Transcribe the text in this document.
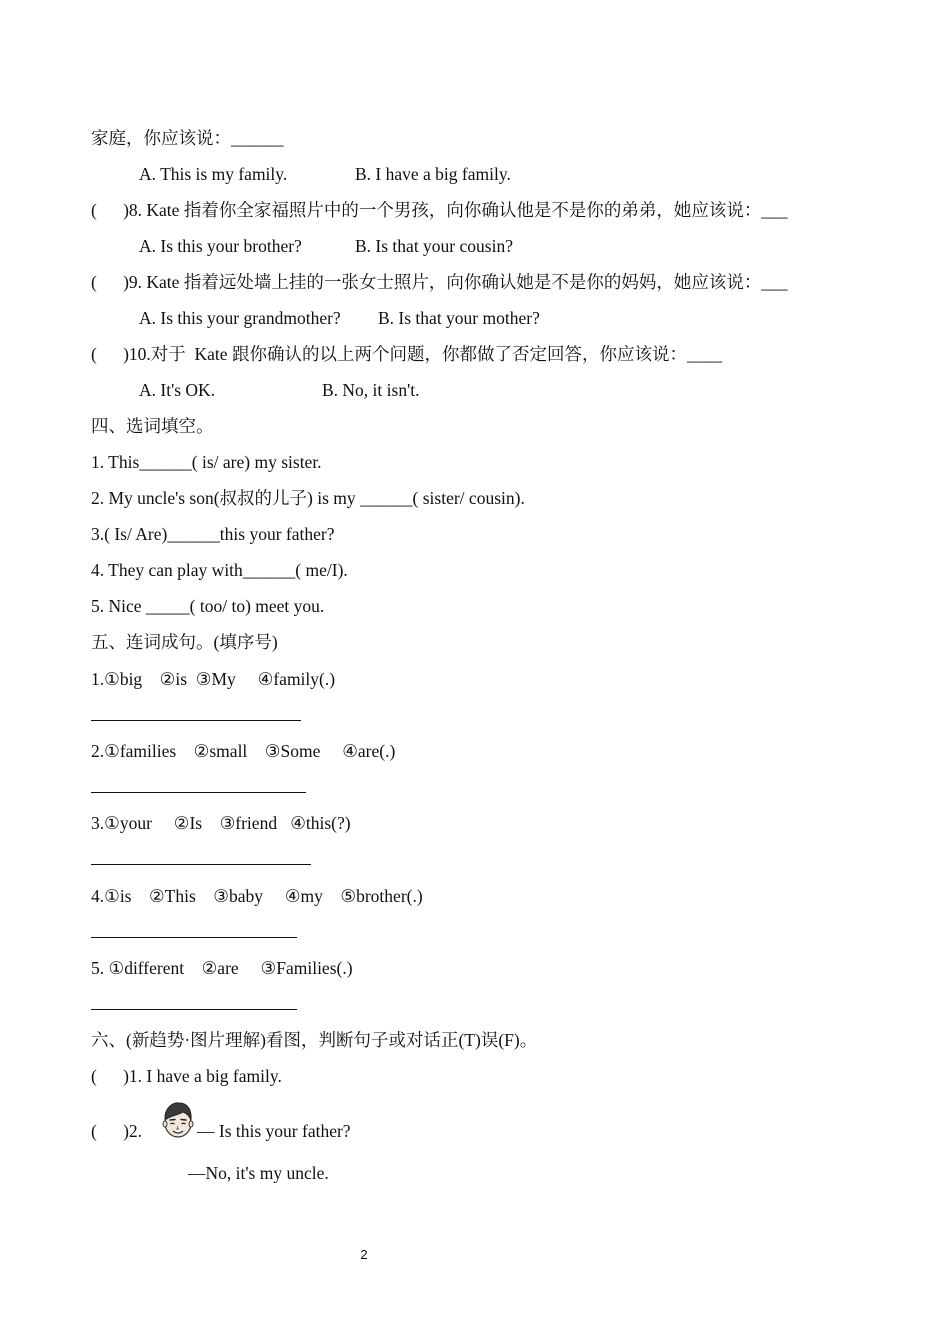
家庭，你应该说：______
A. This is my family.	B. I have a big family.
(      )8. Kate 指着你全家福照片中的一个男孩，向你确认他是不是你的弟弟，她应该说：___
A. Is this your brother?	B. Is that your cousin?
(      )9. Kate 指着远处墙上挂的一张女士照片，向你确认她是不是你的妈妈，她应该说：___
A. Is this your grandmother? B. Is that your mother?
(      )10.对于  Kate 跟你确认的以上两个问题，你都做了否定回答，你应该说：____
A. It's OK.	B. No, it isn't.
四、选词填空。
1. This______( is/ are) my sister.
2. My uncle's son(叔叔的儿子) is my ______( sister/ cousin).
3.( Is/ Are)______this your father?
4. They can play with______( me/I).
5. Nice _____( too/ to) meet you.
五、连词成句。(填序号)
1.①big    ②is  ③My     ④family(.)
2.①families    ②small    ③Some     ④are(.)
3.①your     ②Is    ③friend   ④this(?)
4.①is    ②This    ③baby     ④my    ⑤brother(.)
5. ①different    ②are     ③Families(.)
六、(新趋势·图片理解)看图，判断句子或对话正(T)误(F)。
(      )1. I have a big family.
(      )2.	— Is this your father?
—No, it's my uncle.
2
